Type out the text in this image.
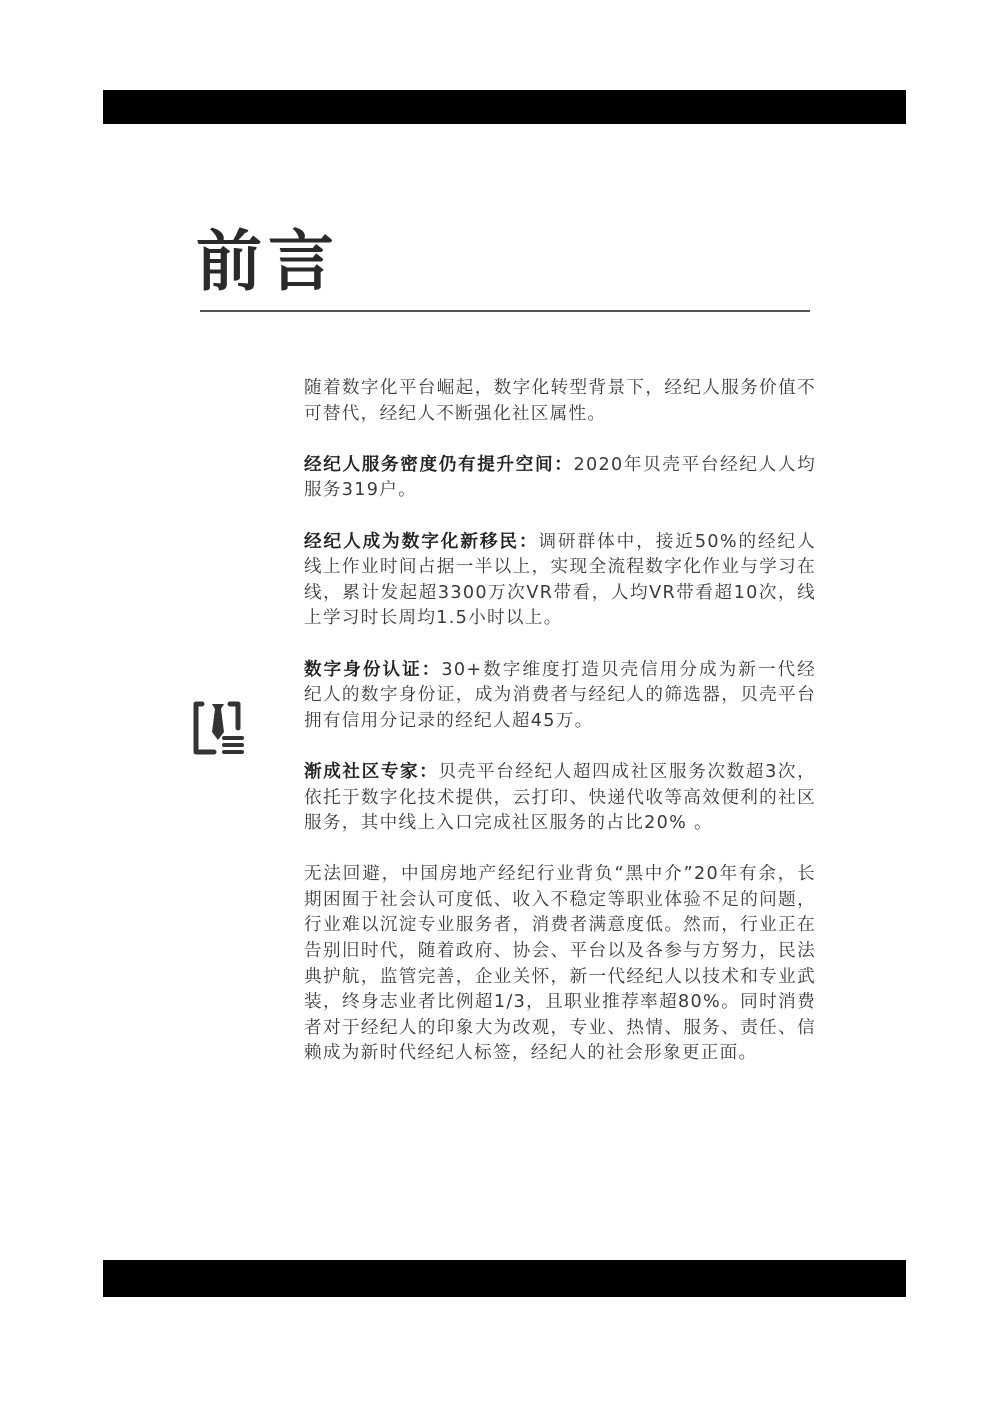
前言

随着数字化平台崛起，数字化转型背景下，经纪人服务价值不可替代，经纪人不断强化社区属性。

经纪人服务密度仍有提升空间：2020年贝壳平台经纪人人均服务319户。

经纪人成为数字化新移民：调研群体中，接近50%的经纪人线上作业时间占据一半以上，实现全流程数字化作业与学习在线，累计发起超3300万次VR带看，人均VR带看超10次，线上学习时长周均1.5小时以上。

数字身份认证：30+数字维度打造贝壳信用分成为新一代经纪人的数字身份证，成为消费者与经纪人的筛选器，贝壳平台拥有信用分记录的经纪人超45万。

渐成社区专家：贝壳平台经纪人超四成社区服务次数超3次，依托于数字化技术提供，云打印、快递代收等高效便利的社区服务，其中线上入口完成社区服务的占比20% 。

无法回避，中国房地产经纪行业背负“黑中介”20年有余，长期困囿于社会认可度低、收入不稳定等职业体验不足的问题，行业难以沉淀专业服务者，消费者满意度低。然而，行业正在告别旧时代，随着政府、协会、平台以及各参与方努力，民法典护航，监管完善，企业关怀，新一代经纪人以技术和专业武装，终身志业者比例超1/3，且职业推荐率超80%。同时消费者对于经纪人的印象大为改观，专业、热情、服务、责任、信赖成为新时代经纪人标签，经纪人的社会形象更正面。
